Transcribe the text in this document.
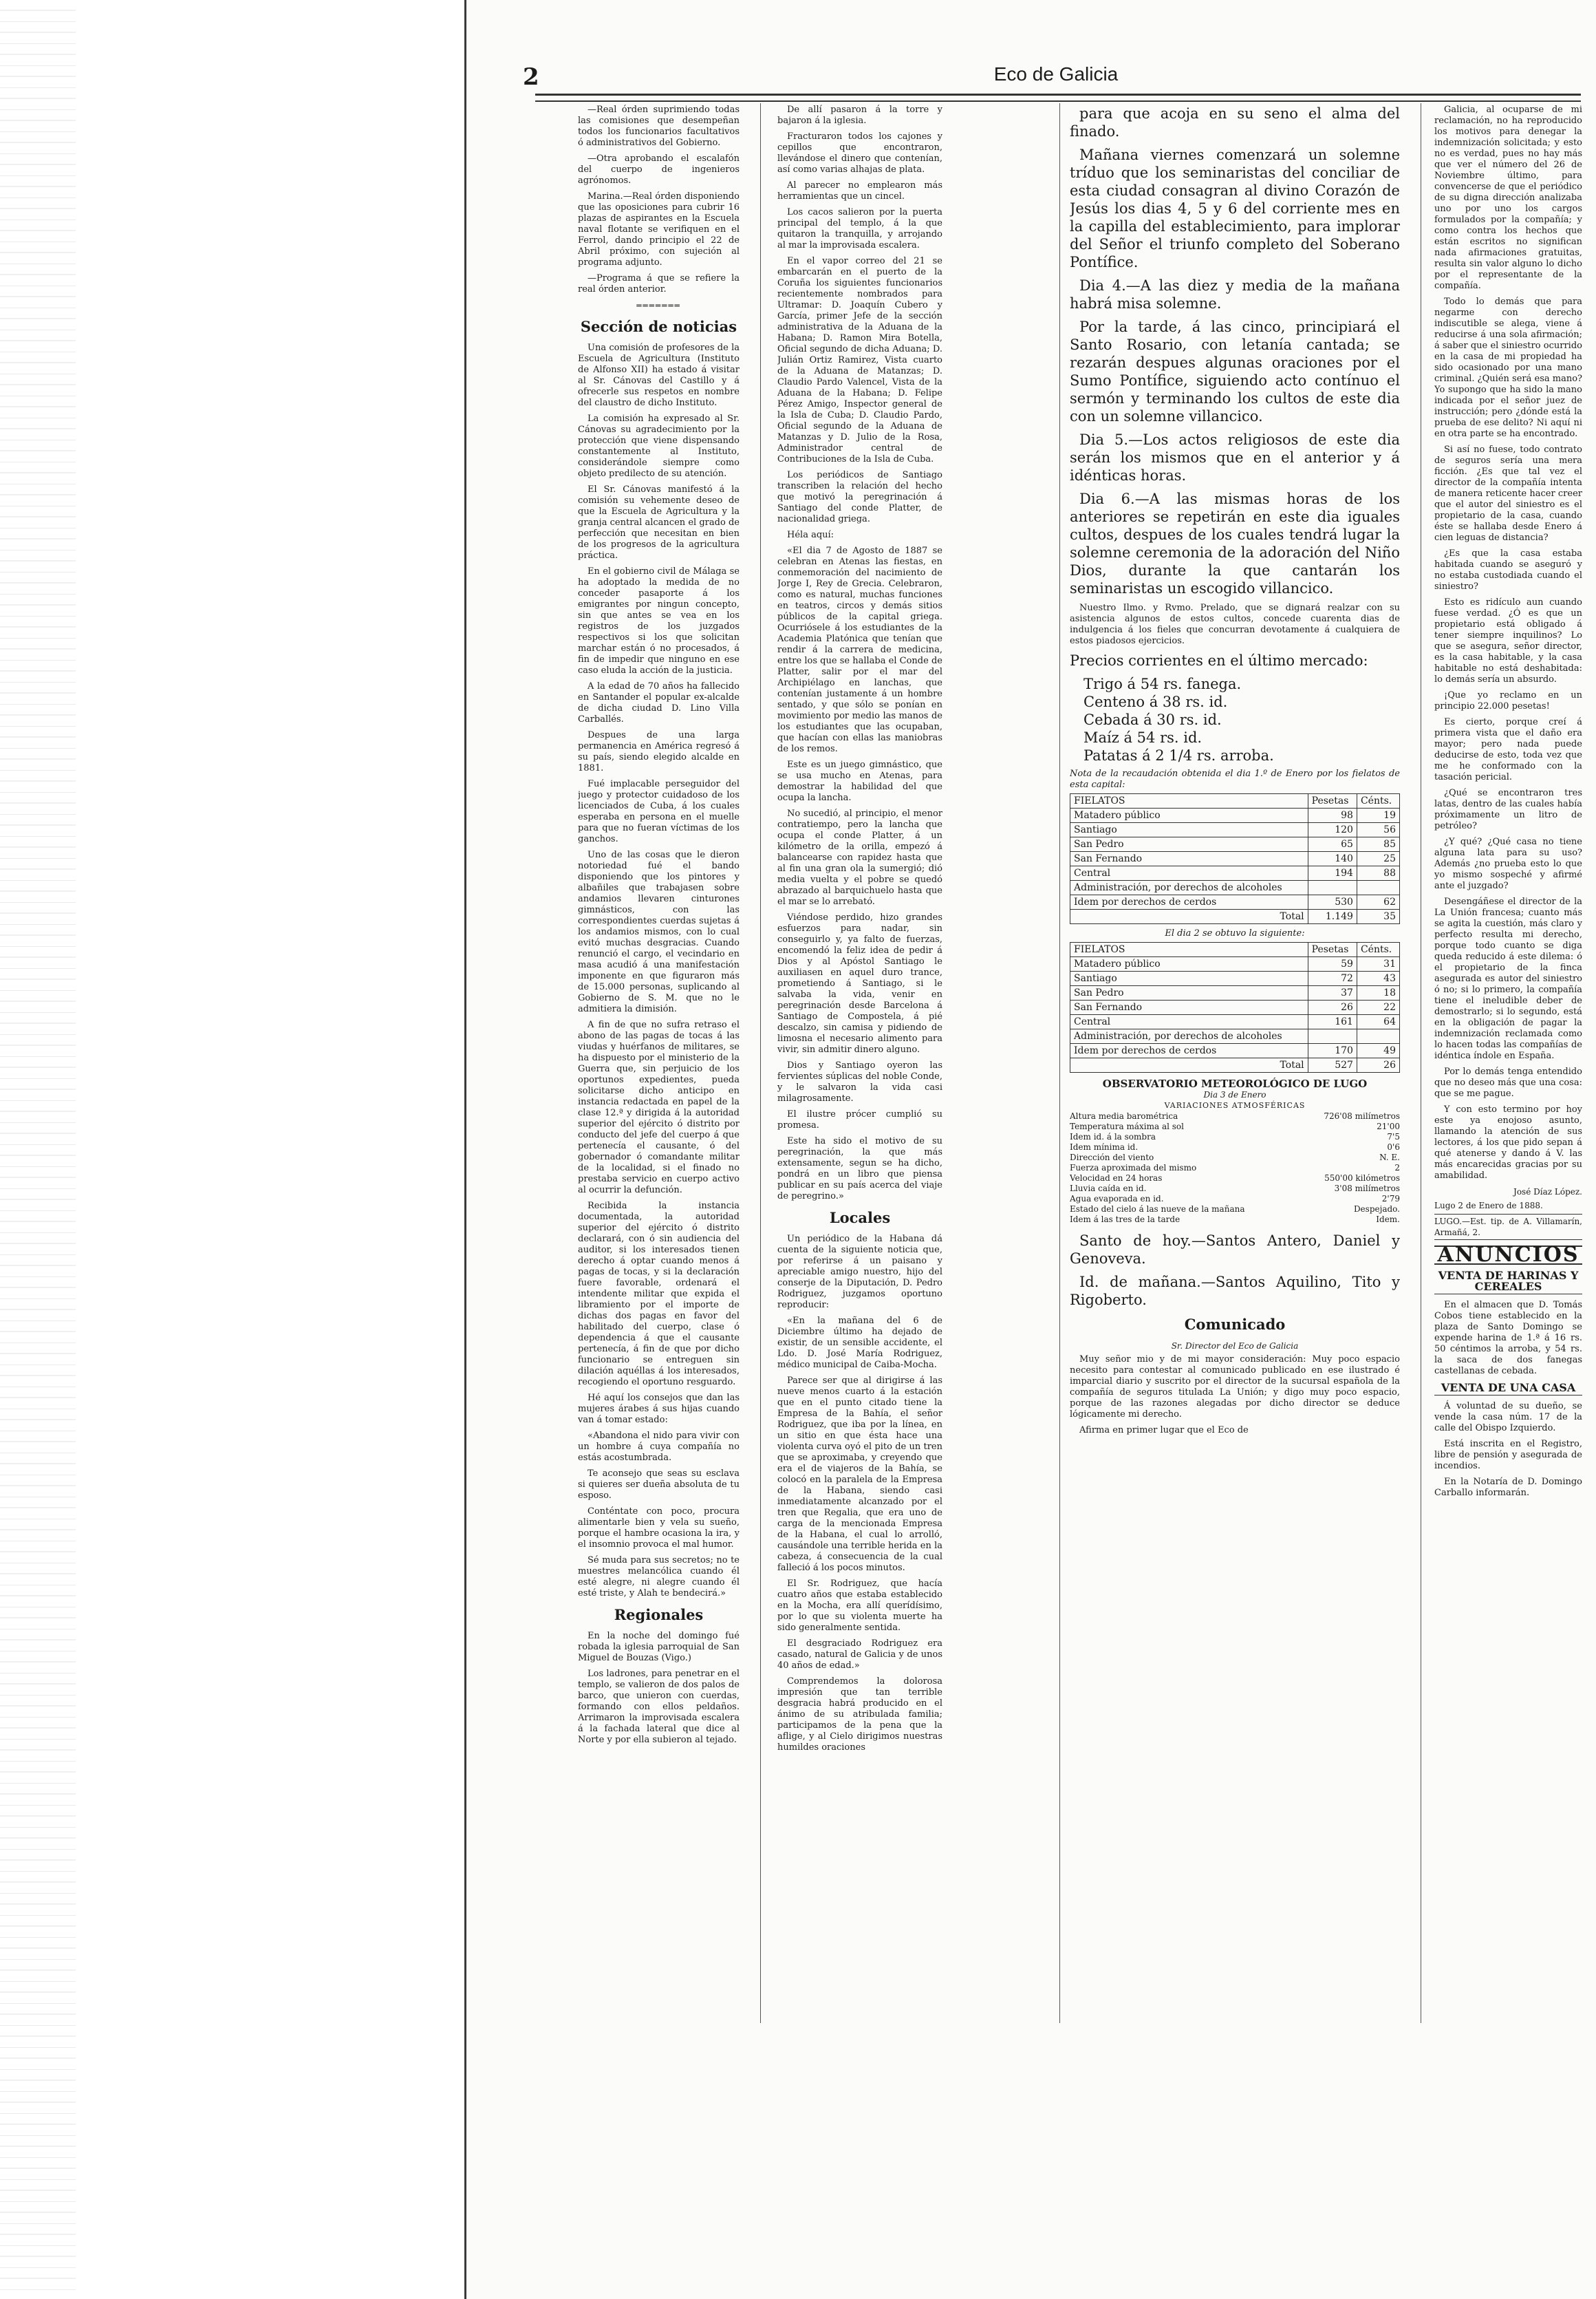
2	Eco de Galicia

—Real órden suprimiendo todas las comisiones que desempeñan todos los funcionarios facultativos ó administrativos del Gobierno.

—Otra aprobando el escalafón del cuerpo de ingenieros agrónomos.

Marina.—Real órden disponiendo que las oposiciones para cubrir 16 plazas de aspirantes en la Escuela naval flotante se verifiquen en el Ferrol, dando principio el 22 de Abril próximo, con sujeción al programa adjunto.

—Programa á que se refiere la real órden anterior.

═══════
Sección de noticias

Una comisión de profesores de la Escuela de Agricultura (Instituto de Alfonso XII) ha estado á visitar al Sr. Cánovas del Castillo y á ofrecerle sus respetos en nombre del claustro de dicho Instituto.

La comisión ha expresado al Sr. Cánovas su agradecimiento por la protección que viene dispensando constantemente al Instituto, considerándole siempre como objeto predilecto de su atención.

El Sr. Cánovas manifestó á la comisión su vehemente deseo de que la Escuela de Agricultura y la granja central alcancen el grado de perfección que necesitan en bien de los progresos de la agricultura práctica.

En el gobierno civil de Málaga se ha adoptado la medida de no conceder pasaporte á los emigrantes por ningun concepto, sin que antes se vea en los registros de los juzgados respectivos si los que solicitan marchar están ó no procesados, á fin de impedir que ninguno en ese caso eluda la acción de la justicia.

A la edad de 70 años ha fallecido en Santander el popular ex-alcalde de dicha ciudad D. Lino Villa Carballés.

Despues de una larga permanencia en América regresó á su país, siendo elegido alcalde en 1881.

Fué implacable perseguidor del juego y protector cuidadoso de los licenciados de Cuba, á los cuales esperaba en persona en el muelle para que no fueran víctimas de los ganchos.

Uno de las cosas que le dieron notoriedad fué el bando disponiendo que los pintores y albañiles que trabajasen sobre andamios llevaren cinturones gimnásticos, con las correspondientes cuerdas sujetas á los andamios mismos, con lo cual evitó muchas desgracias. Cuando renunció el cargo, el vecindario en masa acudió á una manifestación imponente en que figuraron más de 15.000 personas, suplicando al Gobierno de S. M. que no le admitiera la dimisión.

A fin de que no sufra retraso el abono de las pagas de tocas á las viudas y huérfanos de militares, se ha dispuesto por el ministerio de la Guerra que, sin perjuicio de los oportunos expedientes, pueda solicitarse dicho anticipo en instancia redactada en papel de la clase 12.ª y dirigida á la autoridad superior del ejército ó distrito por conducto del jefe del cuerpo á que pertenecía el causante, ó del gobernador ó comandante militar de la localidad, si el finado no prestaba servicio en cuerpo activo al ocurrir la defunción.

Recibida la instancia documentada, la autoridad superior del ejército ó distrito declarará, con ó sin audiencia del auditor, si los interesados tienen derecho á optar cuando menos á pagas de tocas, y si la declaración fuere favorable, ordenará el intendente militar que expida el libramiento por el importe de dichas dos pagas en favor del habilitado del cuerpo, clase ó dependencia á que el causante pertenecía, á fin de que por dicho funcionario se entreguen sin dilación aquéllas á los interesados, recogiendo el oportuno resguardo.

Hé aquí los consejos que dan las mujeres árabes á sus hijas cuando van á tomar estado:

«Abandona el nido para vivir con un hombre á cuya compañía no estás acostumbrada.

Te aconsejo que seas su esclava si quieres ser dueña absoluta de tu esposo.

Conténtate con poco, procura alimentarle bien y vela su sueño, porque el hambre ocasiona la ira, y el insomnio provoca el mal humor.

Sé muda para sus secretos; no te muestres melancólica cuando él esté alegre, ni alegre cuando él esté triste, y Alah te bendecirá.»

Regionales

En la noche del domingo fué robada la iglesia parroquial de San Miguel de Bouzas (Vigo.)

Los ladrones, para penetrar en el templo, se valieron de dos palos de barco, que unieron con cuerdas, formando con ellos peldaños. Arrimaron la improvisada escalera á la fachada lateral que dice al Norte y por ella subieron al tejado.

De allí pasaron á la torre y bajaron á la iglesia.

Fracturaron todos los cajones y cepillos que encontraron, llevándose el dinero que contenían, así como varias alhajas de plata.

Al parecer no emplearon más herramientas que un cincel.

Los cacos salieron por la puerta principal del templo, á la que quitaron la tranquilla, y arrojando al mar la improvisada escalera.

En el vapor correo del 21 se embarcarán en el puerto de la Coruña los siguientes funcionarios recientemente nombrados para Ultramar: D. Joaquín Cubero y García, primer Jefe de la sección administrativa de la Aduana de la Habana; D. Ramon Mira Botella, Oficial segundo de dicha Aduana; D. Julián Ortiz Ramirez, Vista cuarto de la Aduana de Matanzas; D. Claudio Pardo Valencel, Vista de la Aduana de la Habana; D. Felipe Pérez Amigo, Inspector general de la Isla de Cuba; D. Claudio Pardo, Oficial segundo de la Aduana de Matanzas y D. Julio de la Rosa, Administrador central de Contribuciones de la Isla de Cuba.

Los periódicos de Santiago transcriben la relación del hecho que motivó la peregrinación á Santiago del conde Platter, de nacionalidad griega.

Héla aquí:

«El dia 7 de Agosto de 1887 se celebran en Atenas las fiestas, en conmemoración del nacimiento de Jorge I, Rey de Grecia. Celebraron, como es natural, muchas funciones en teatros, circos y demás sitios públicos de la capital griega. Ocurriósele á los estudiantes de la Academia Platónica que tenían que rendir á la carrera de medicina, entre los que se hallaba el Conde de Platter, salir por el mar del Archipiélago en lanchas, que contenían justamente á un hombre sentado, y que sólo se ponían en movimiento por medio las manos de los estudiantes que las ocupaban, que hacían con ellas las maniobras de los remos.

Este es un juego gimnástico, que se usa mucho en Atenas, para demostrar la habilidad del que ocupa la lancha.

No sucedió, al principio, el menor contratiempo, pero la lancha que ocupa el conde Platter, á un kilómetro de la orilla, empezó á balancearse con rapidez hasta que al fin una gran ola la sumergió; dió media vuelta y el pobre se quedó abrazado al barquichuelo hasta que el mar se lo arrebató.

Viéndose perdido, hizo grandes esfuerzos para nadar, sin conseguirlo y, ya falto de fuerzas, encomendó la feliz idea de pedir á Dios y al Apóstol Santiago le auxiliasen en aquel duro trance, prometiendo á Santiago, si le salvaba la vida, venir en peregrinación desde Barcelona á Santiago de Compostela, á pié descalzo, sin camisa y pidiendo de limosna el necesario alimento para vivir, sin admitir dinero alguno.

Dios y Santiago oyeron las fervientes súplicas del noble Conde, y le salvaron la vida casi milagrosamente.

El ilustre prócer cumplió su promesa.

Este ha sido el motivo de su peregrinación, la que más extensamente, segun se ha dicho, pondrá en un libro que piensa publicar en su país acerca del viaje de peregrino.»

Locales

Un periódico de la Habana dá cuenta de la siguiente noticia que, por referirse á un paisano y apreciable amigo nuestro, hijo del conserje de la Diputación, D. Pedro Rodriguez, juzgamos oportuno reproducir:

«En la mañana del 6 de Diciembre último ha dejado de existir, de un sensible accidente, el Ldo. D. José María Rodriguez, médico municipal de Caiba-Mocha.

Parece ser que al dirigirse á las nueve menos cuarto á la estación que en el punto citado tiene la Empresa de la Bahía, el señor Rodriguez, que iba por la línea, en un sitio en que ésta hace una violenta curva oyó el pito de un tren que se aproximaba, y creyendo que era el de viajeros de la Bahía, se colocó en la paralela de la Empresa de la Habana, siendo casi inmediatamente alcanzado por el tren que Regalia, que era uno de carga de la mencionada Empresa de la Habana, el cual lo arrolló, causándole una terrible herida en la cabeza, á consecuencia de la cual falleció á los pocos minutos.

El Sr. Rodriguez, que hacía cuatro años que estaba establecido en la Mocha, era allí querídísimo, por lo que su violenta muerte ha sido generalmente sentida.

El desgraciado Rodriguez era casado, natural de Galicia y de unos 40 años de edad.»

Comprendemos la dolorosa impresión que tan terrible desgracia habrá producido en el ánimo de su atribulada familia; participamos de la pena que la aflige, y al Cielo dirigimos nuestras humildes oraciones

para que acoja en su seno el alma del finado.

Mañana viernes comenzará un solemne tríduo que los seminaristas del conciliar de esta ciudad consagran al divino Corazón de Jesús los dias 4, 5 y 6 del corriente mes en la capilla del establecimiento, para implorar del Señor el triunfo completo del Soberano Pontífice.

Dia 4.—A las diez y media de la mañana habrá misa solemne.

Por la tarde, á las cinco, principiará el Santo Rosario, con letanía cantada; se rezarán despues algunas oraciones por el Sumo Pontífice, siguiendo acto contínuo el sermón y terminando los cultos de este dia con un solemne villancico.

Dia 5.—Los actos religiosos de este dia serán los mismos que en el anterior y á idénticas horas.

Dia 6.—A las mismas horas de los anteriores se repetirán en este dia iguales cultos, despues de los cuales tendrá lugar la solemne ceremonia de la adoración del Niño Dios, durante la que cantarán los seminaristas un escogido villancico.

Nuestro Ilmo. y Rvmo. Prelado, que se dignará realzar con su asistencia algunos de estos cultos, concede cuarenta dias de indulgencia á los fieles que concurran devotamente á cualquiera de estos piadosos ejercicios.

Precios corrientes en el último mercado:

Trigo á 54 rs. fanega.
Centeno á 38 rs. id.
Cebada á 30 rs. id.
Maíz á 54 rs. id.
Patatas á 2 1/4 rs. arroba.
Nota de la recaudación obtenida el dia 1.º de Enero por los fielatos de esta capital:
FIELATOS	Pesetas	Cénts.
Matadero público	98	19
Santiago	120	56
San Pedro	65	85
San Fernando	140	25
Central	194	88
Administración, por derechos de alcoholes		
Idem por derechos de cerdos	530	62
Total	1.149	35
El dia 2 se obtuvo la siguiente:
FIELATOS	Pesetas	Cénts.
Matadero público	59	31
Santiago	72	43
San Pedro	37	18
San Fernando	26	22
Central	161	64
Administración, por derechos de alcoholes		
Idem por derechos de cerdos	170	49
Total	527	26
OBSERVATORIO METEOROLÓGICO DE LUGO
Dia 3 de Enero
VARIACIONES ATMOSFÉRICAS
Altura media barométrica	726'08 milímetros
Temperatura máxima al sol	21'00
Idem id. á la sombra	7'5
Idem mínima id.	0'6
Dirección del viento	N. E.
Fuerza aproximada del mismo	2
Velocidad en 24 horas	550'00 kilómetros
Lluvia caída en id.	3'08 milímetros
Agua evaporada en id.	2'79
Estado del cielo á las nueve de la mañana	Despejado.
Idem á las tres de la tarde	Idem.

Santo de hoy.—Santos Antero, Daniel y Genoveva.

Id. de mañana.—Santos Aquilino, Tito y Rigoberto.

Comunicado
Sr. Director del Eco de Galicia

Muy señor mio y de mi mayor consideración: Muy poco espacio necesito para contestar al comunicado publicado en ese ilustrado é imparcial diario y suscrito por el director de la sucursal española de la compañía de seguros titulada La Unión; y digo muy poco espacio, porque de las razones alegadas por dicho director se deduce lógicamente mi derecho.

Afirma en primer lugar que el Eco de

Galicia, al ocuparse de mi reclamación, no ha reproducido los motivos para denegar la indemnización solicitada; y esto no es verdad, pues no hay más que ver el número del 26 de Noviembre último, para convencerse de que el periódico de su digna dirección analizaba uno por uno los cargos formulados por la compañía; y como contra los hechos que están escritos no significan nada afirmaciones gratuitas, resulta sin valor alguno lo dicho por el representante de la compañía.

Todo lo demás que para negarme con derecho indiscutible se alega, viene á reducirse á una sola afirmación; á saber que el siniestro ocurrido en la casa de mi propiedad ha sido ocasionado por una mano criminal. ¿Quién será esa mano? Yo supongo que ha sido la mano indicada por el señor juez de instrucción; pero ¿dónde está la prueba de ese delito? Ni aquí ni en otra parte se ha encontrado.

Si así no fuese, todo contrato de seguros sería una mera ficción. ¿Es que tal vez el director de la compañía intenta de manera reticente hacer creer que el autor del siniestro es el propietario de la casa, cuando éste se hallaba desde Enero á cien leguas de distancia?

¿Es que la casa estaba habitada cuando se aseguró y no estaba custodiada cuando el siniestro?

Esto es ridículo aun cuando fuese verdad. ¿Ó es que un propietario está obligado á tener siempre inquilinos? Lo que se asegura, señor director, es la casa habitable, y la casa habitable no está deshabitada: lo demás sería un absurdo.

¡Que yo reclamo en un principio 22.000 pesetas!

Es cierto, porque creí á primera vista que el daño era mayor; pero nada puede deducirse de esto, toda vez que me he conformado con la tasación pericial.

¿Qué se encontraron tres latas, dentro de las cuales había próximamente un litro de petróleo?

¿Y qué? ¿Qué casa no tiene alguna lata para su uso? Además ¿no prueba esto lo que yo mismo sospeché y afirmé ante el juzgado?

Desengáñese el director de la La Unión francesa; cuanto más se agita la cuestión, más claro y perfecto resulta mi derecho, porque todo cuanto se diga queda reducido á este dilema: ó el propietario de la finca asegurada es autor del siniestro ó no; si lo primero, la compañía tiene el ineludible deber de demostrarlo; si lo segundo, está en la obligación de pagar la indemnización reclamada como lo hacen todas las compañías de idéntica índole en España.

Por lo demás tenga entendido que no deseo más que una cosa: que se me pague.

Y con esto termino por hoy este ya enojoso asunto, llamando la atención de sus lectores, á los que pido sepan á qué atenerse y dando á V. las más encarecidas gracias por su amabilidad.

José Díaz López.
Lugo 2 de Enero de 1888.
LUGO.—Est. tip. de A. Villamarín, Armañá, 2.
ANUNCIOS
VENTA DE HARINAS Y CEREALES

En el almacen que D. Tomás Cobos tiene establecido en la plaza de Santo Domingo se expende harina de 1.ª á 16 rs. 50 céntimos la arroba, y 54 rs. la saca de dos fanegas castellanas de cebada.

VENTA DE UNA CASA

Á voluntad de su dueño, se vende la casa núm. 17 de la calle del Obispo Izquierdo.

Está inscrita en el Registro, libre de pensión y asegurada de incendios.

En la Notaría de D. Domingo Carballo informarán.
